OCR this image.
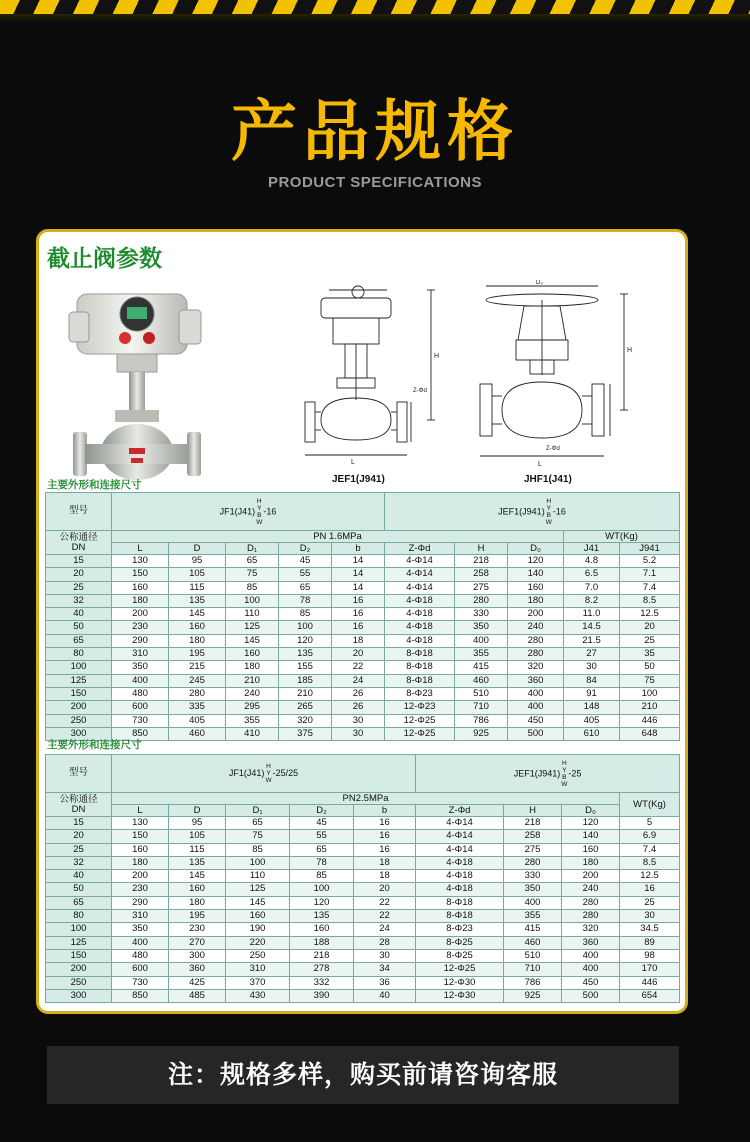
产品规格
PRODUCT SPECIFICATIONS
截止阀参数
H
Z-Φd
L
JEF1(J941)
D₀
H
Z-Φd
L
JHF1(J41)
主要外形和连接尺寸
型号	JF1(J41)H
Y
B
W
-16					JEF1(J941)H
Y
B
W
-16				
公称通径
DN	PN 1.6MPa								WT(Kg)	
	L	D	D₁	D₂	b	Z-Φd	H	D₀	J41	J941
15	130	95	65	45	14	4-Φ14	218	120	4.8	5.2
20	150	105	75	55	14	4-Φ14	258	140	6.5	7.1
25	160	115	85	65	14	4-Φ14	275	160	7.0	7.4
32	180	135	100	78	16	4-Φ18	280	180	8.2	8.5
40	200	145	110	85	16	4-Φ18	330	200	11.0	12.5
50	230	160	125	100	16	4-Φ18	350	240	14.5	20
65	290	180	145	120	18	4-Φ18	400	280	21.5	25
80	310	195	160	135	20	8-Φ18	355	280	27	35
100	350	215	180	155	22	8-Φ18	415	320	30	50
125	400	245	210	185	24	8-Φ18	460	360	84	75
150	480	280	240	210	26	8-Φ23	510	400	91	100
200	600	335	295	265	26	12-Φ23	710	400	148	210
250	730	405	355	320	30	12-Φ25	786	450	405	446
300	850	460	410	375	30	12-Φ25	925	500	610	648
主要外形和连接尺寸
型号	JF1(J41)H
Y
W
-25/25					JEF1(J941)H
Y
B
W
-25			
公称通径
DN	PN2.5MPa								WT(Kg)
	L	D	D₁	D₂	b	Z-Φd	H	D₀	
15	130	95	65	45	16	4-Φ14	218	120	5
20	150	105	75	55	16	4-Φ14	258	140	6.9
25	160	115	85	65	16	4-Φ14	275	160	7.4
32	180	135	100	78	18	4-Φ18	280	180	8.5
40	200	145	110	85	18	4-Φ18	330	200	12.5
50	230	160	125	100	20	4-Φ18	350	240	16
65	290	180	145	120	22	8-Φ18	400	280	25
80	310	195	160	135	22	8-Φ18	355	280	30
100	350	230	190	160	24	8-Φ23	415	320	34.5
125	400	270	220	188	28	8-Φ25	460	360	89
150	480	300	250	218	30	8-Φ25	510	400	98
200	600	360	310	278	34	12-Φ25	710	400	170
250	730	425	370	332	36	12-Φ30	786	450	446
300	850	485	430	390	40	12-Φ30	925	500	654
注：规格多样，购买前请咨询客服
